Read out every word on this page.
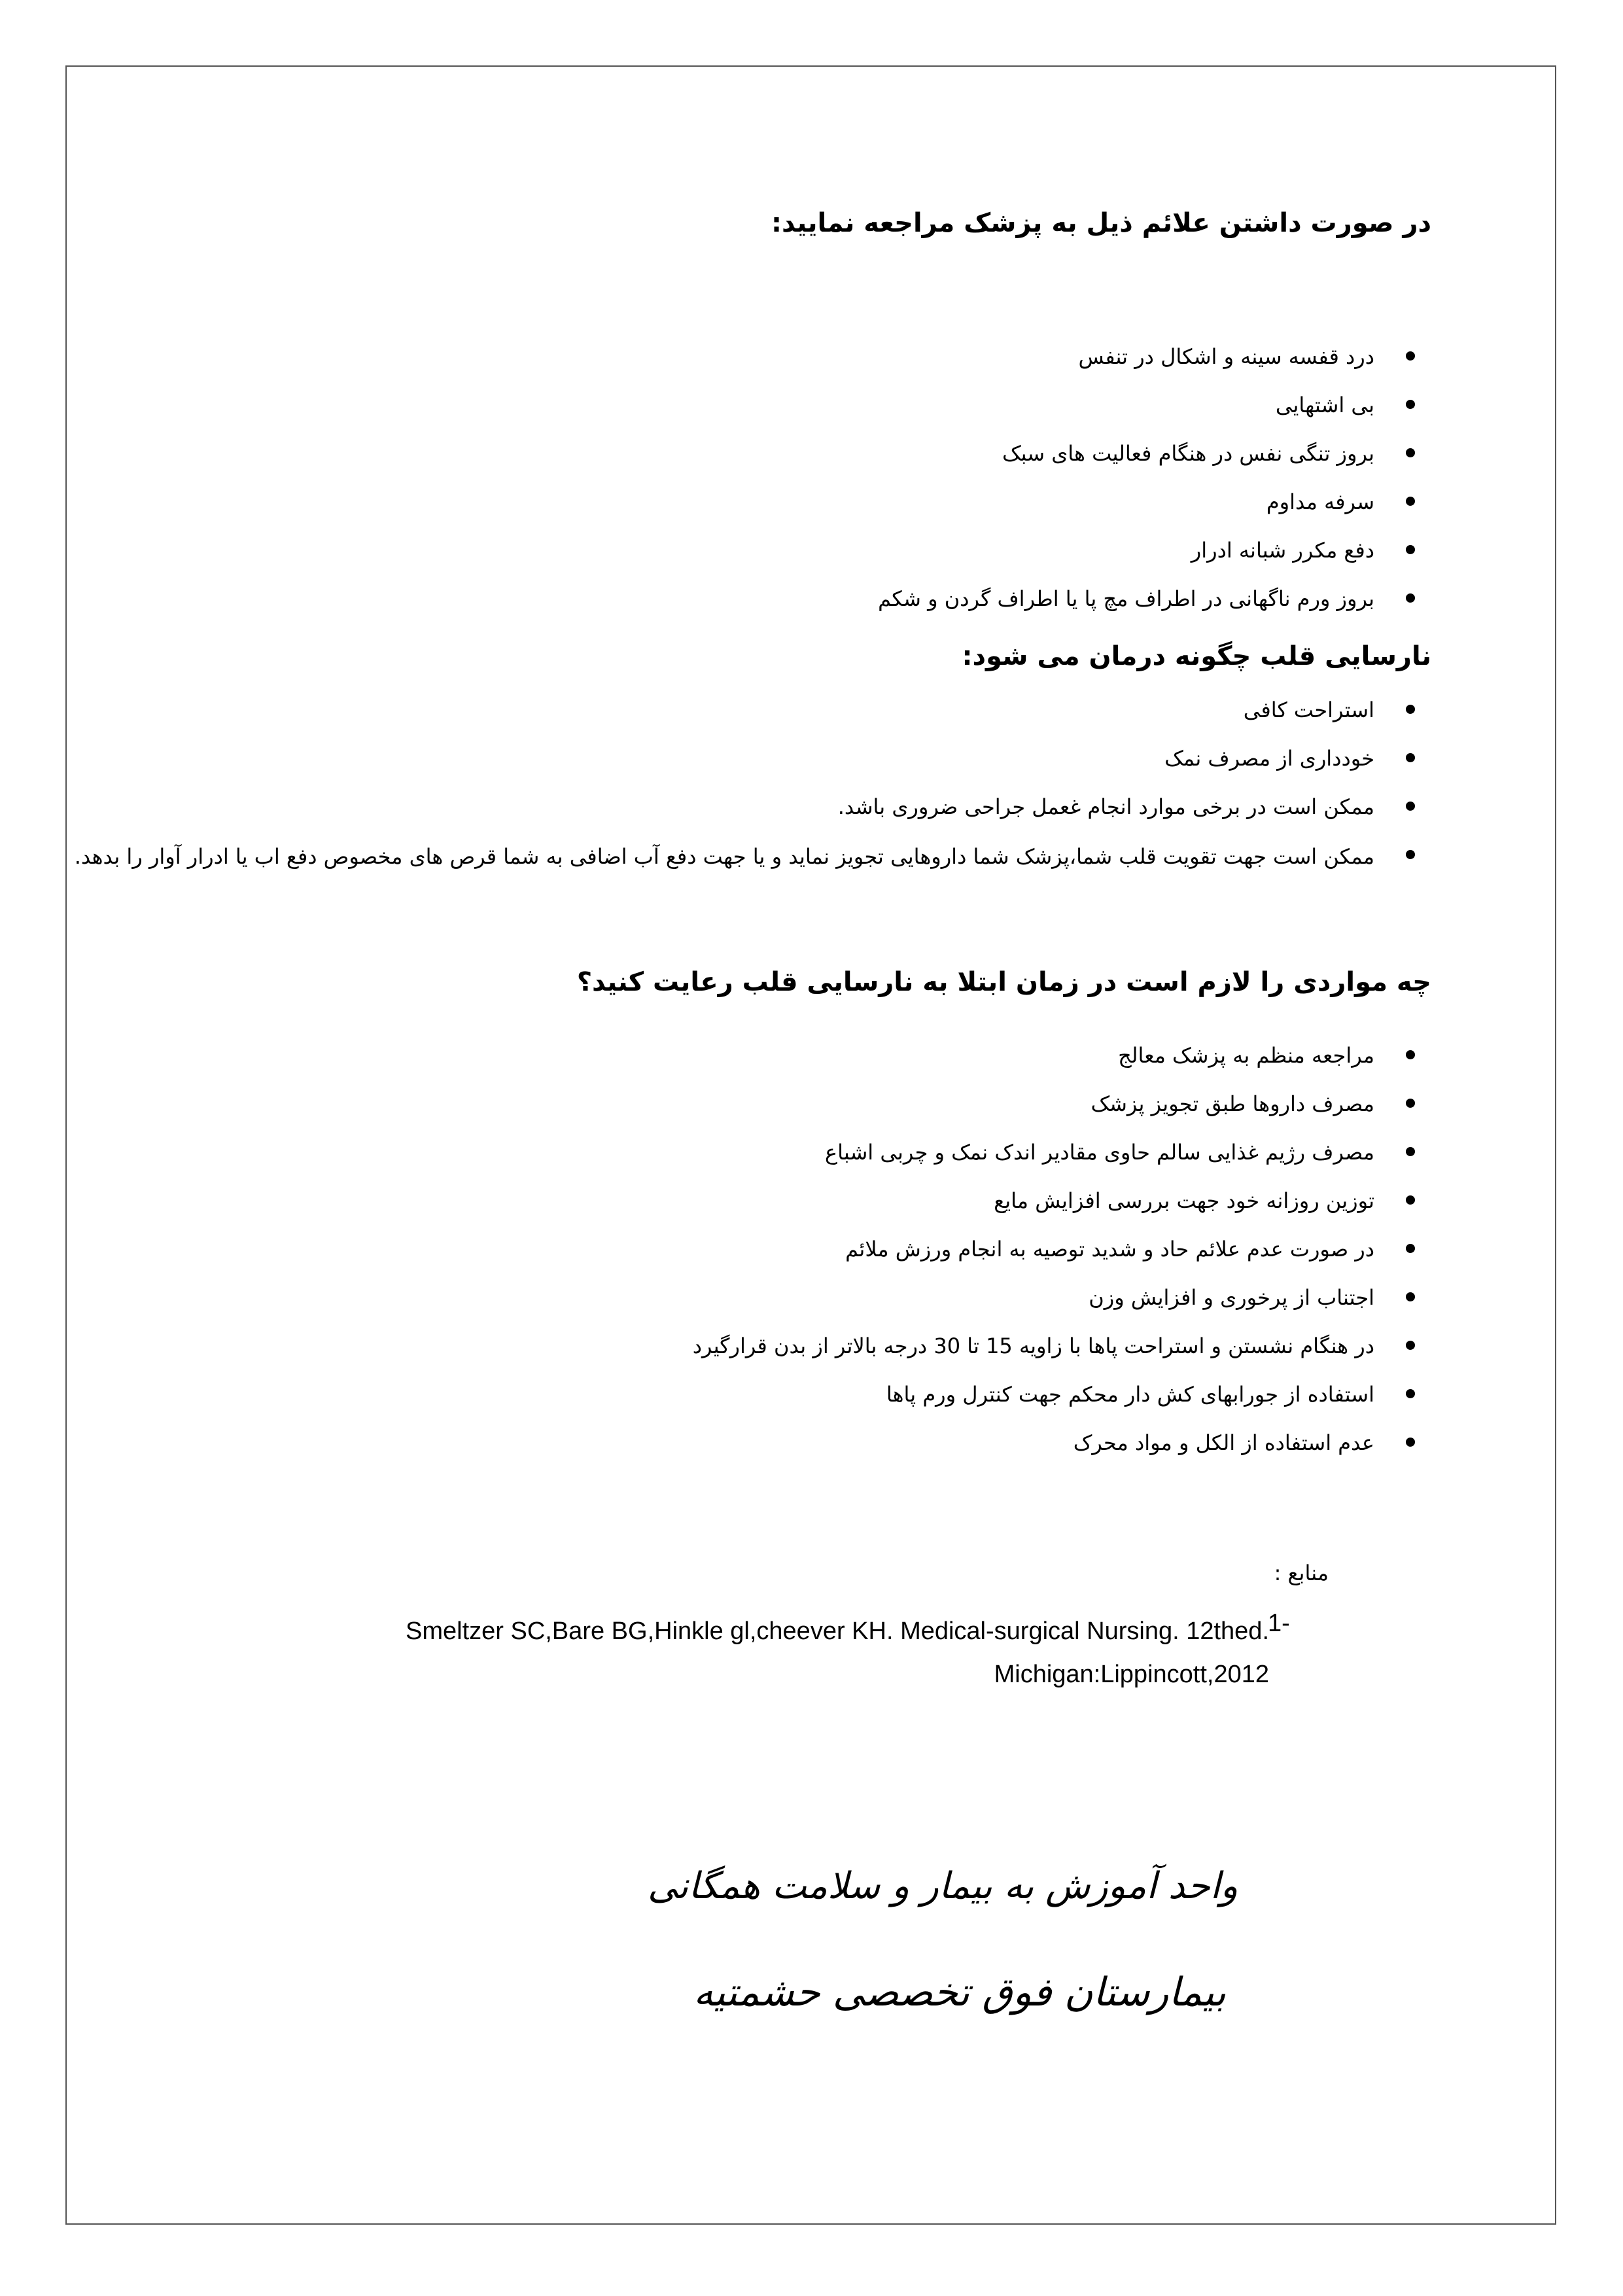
در صورت داشتن علائم ذیل به پزشک مراجعه نمایید:
درد قفسه سینه و اشکال در تنفس
بی اشتهایی
بروز تنگی نفس در هنگام فعالیت های سبک
سرفه مداوم
دفع مکرر شبانه ادرار
بروز ورم ناگهانی در اطراف مچ پا یا اطراف گردن و شکم
نارسایی قلب چگونه درمان می شود:
استراحت کافی
خودداری از مصرف نمک
ممکن است در برخی موارد انجام غعمل جراحی ضروری باشد.
ممکن است جهت تقویت قلب شما،پزشک شما داروهایی تجویز نماید و یا جهت دفع آب اضافی به شما قرص های مخصوص دفع اب یا ادرار آوار را بدهد.
چه مواردی را لازم است در زمان ابتلا به نارسایی قلب رعایت کنید؟
مراجعه منظم به پزشک معالج
مصرف داروها طبق تجویز پزشک
مصرف رژیم غذایی سالم حاوی مقادیر اندک نمک و چربی اشباع
توزین روزانه خود جهت بررسی افزایش مایع
در صورت عدم علائم حاد و شدید توصیه به انجام ورزش ملائم
اجتناب از پرخوری و افزایش وزن
در هنگام نشستن و استراحت پاها با زاویه 15 تا 30 درجه بالاتر از بدن قرارگیرد
استفاده از جورابهای کش دار محکم جهت کنترل ورم پاها
عدم استفاده از الکل و مواد محرک
منابع :
1-
Smeltzer SC,Bare BG,Hinkle gl,cheever KH. Medical-surgical Nursing. 12thed. Michigan:Lippincott,2012
واحد آموزش به بیمار و سلامت همگانی
بیمارستان فوق تخصصی حشمتیه
